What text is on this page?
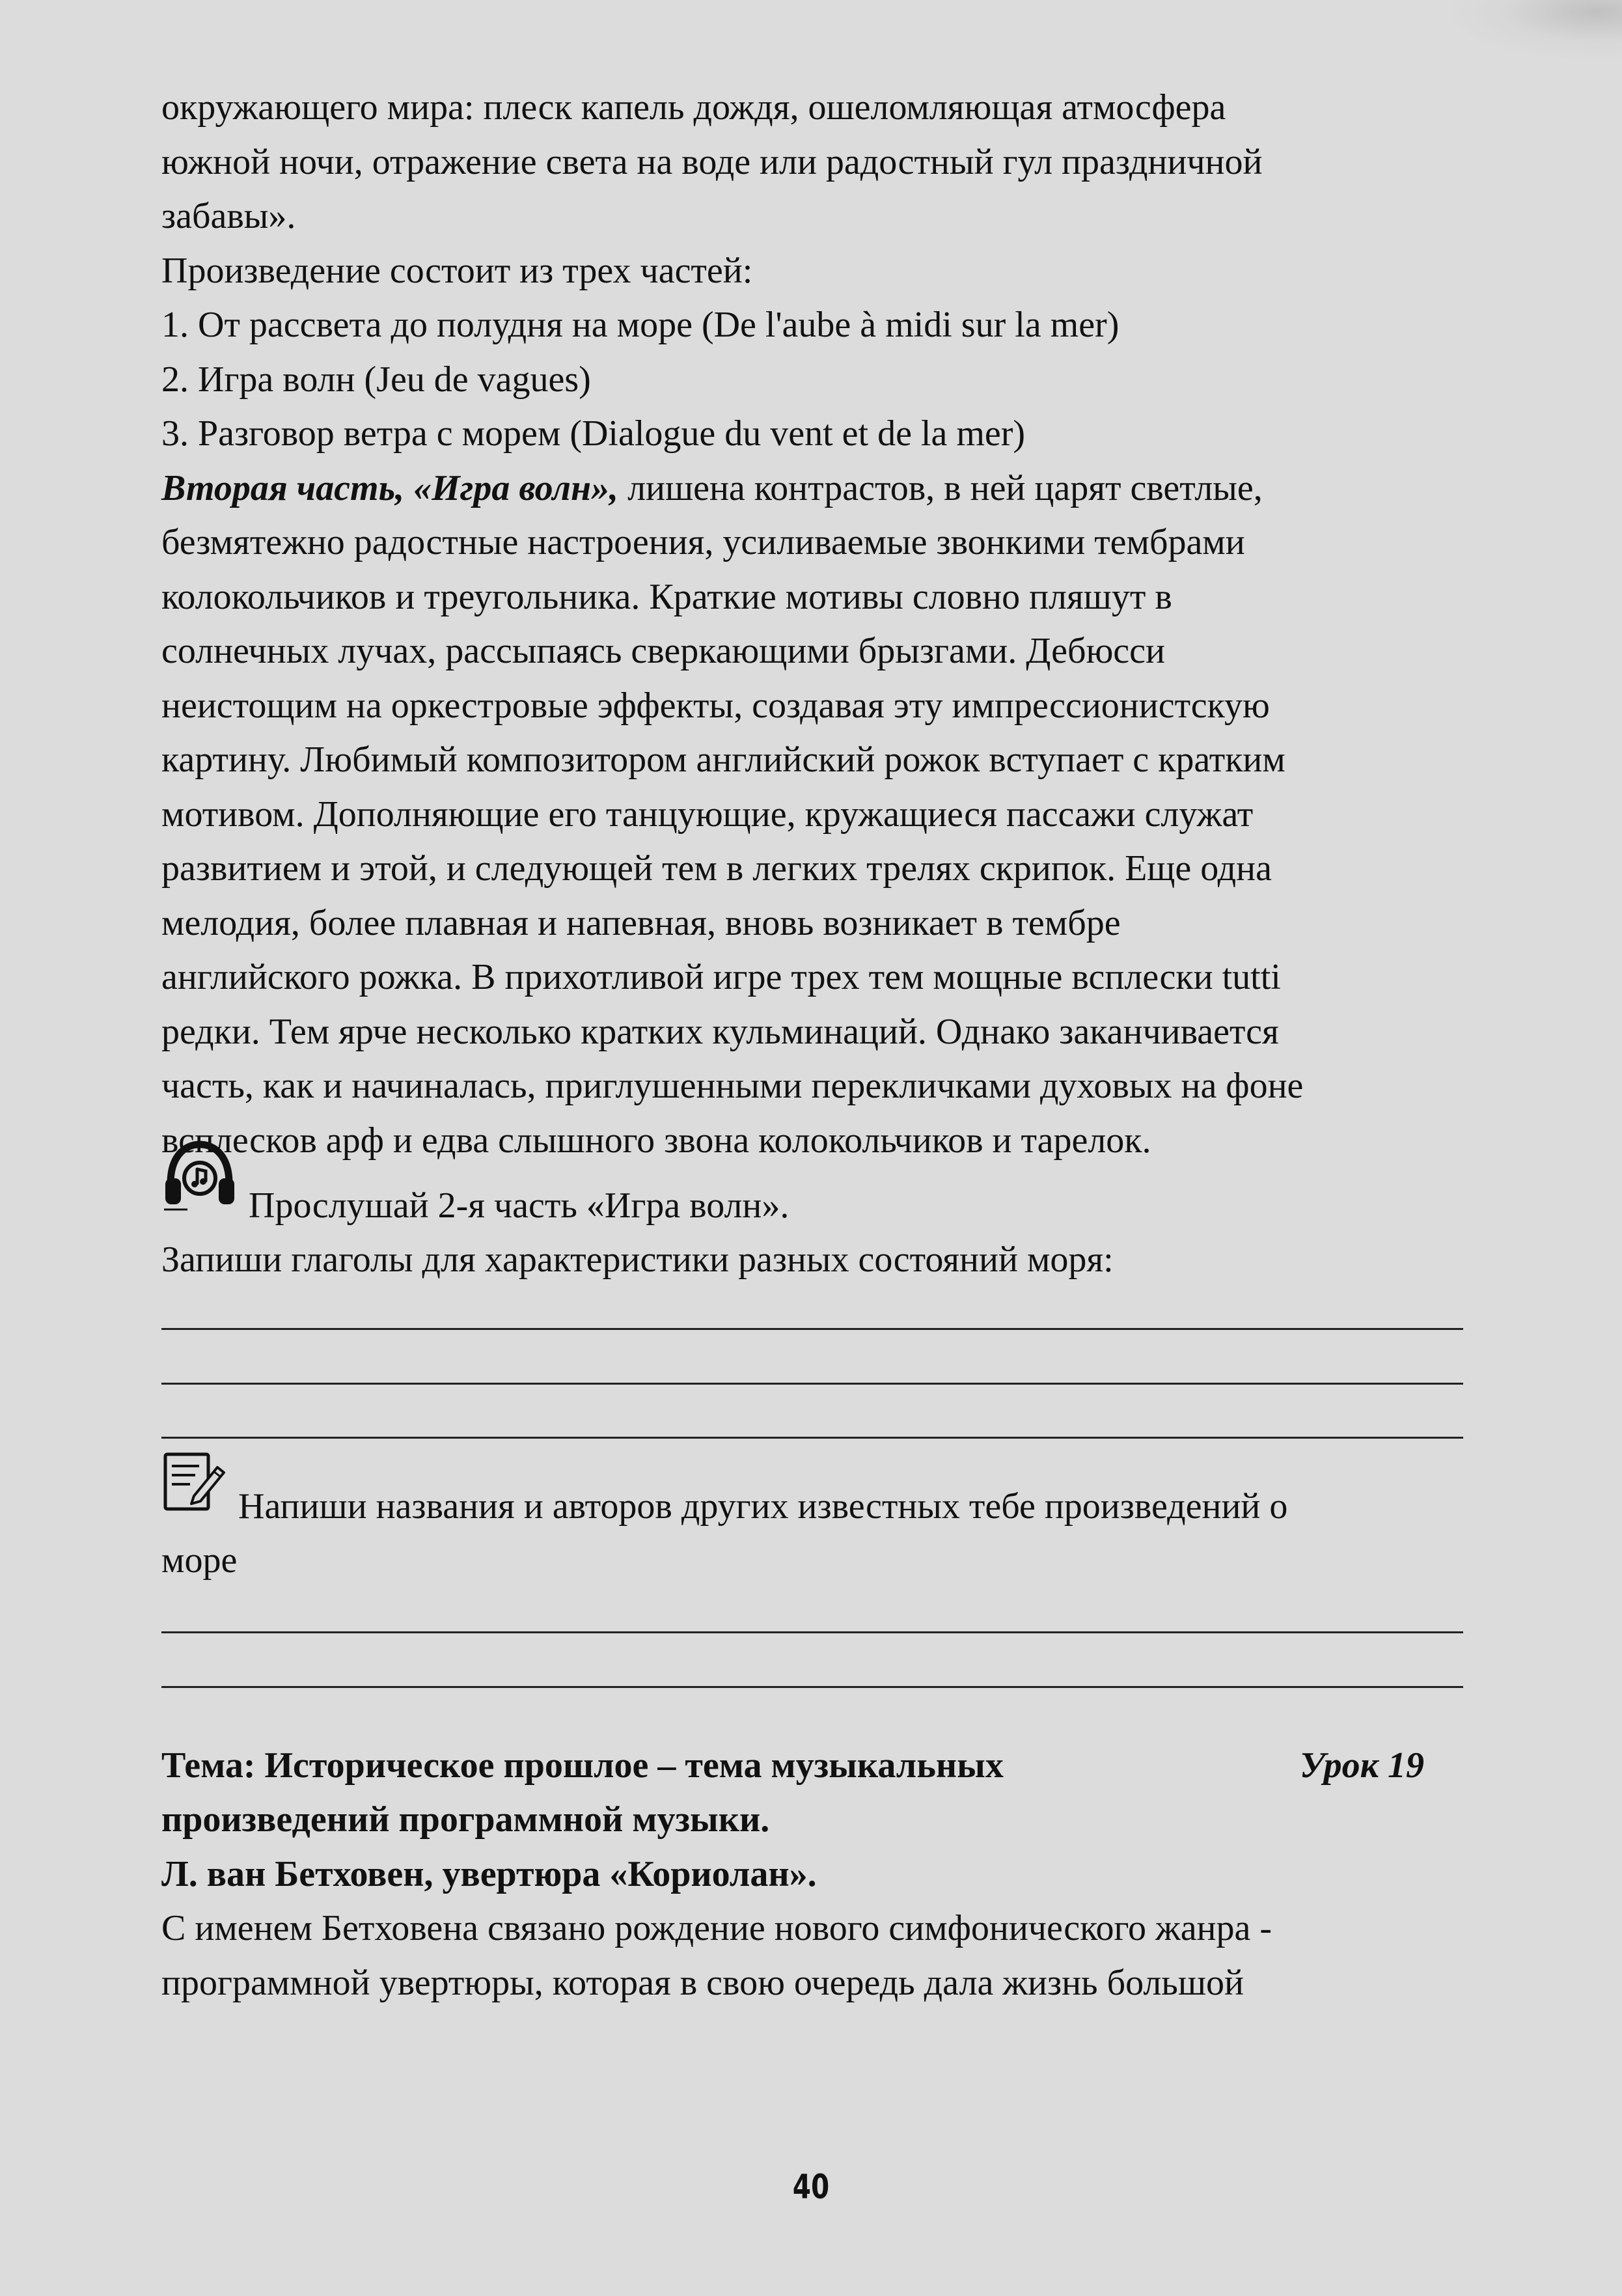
окружающего мира: плеск капель дождя, ошеломляющая атмосфера
южной ночи, отражение света на воде или радостный гул праздничной
забавы».
Произведение состоит из трех частей:
1. От рассвета до полудня на море (De l'aube à midi sur la mer)
2. Игра волн (Jeu de vagues)
3. Разговор ветра с морем (Dialogue du vent et de la mer)
Вторая часть, «Игра волн», лишена контрастов, в ней царят светлые,
безмятежно радостные настроения, усиливаемые звонкими тембрами
колокольчиков и треугольника. Краткие мотивы словно пляшут в
солнечных лучах, рассыпаясь сверкающими брызгами. Дебюсси
неистощим на оркестровые эффекты, создавая эту импрессионистскую
картину. Любимый композитором английский рожок вступает с кратким
мотивом. Дополняющие его танцующие, кружащиеся пассажи служат
развитием и этой, и следующей тем в легких трелях скрипок. Еще одна
мелодия, более плавная и напевная, вновь возникает в тембре
английского рожка. В прихотливой игре трех тем мощные всплески tutti
редки. Тем ярче несколько кратких кульминаций. Однако заканчивается
часть, как и начиналась, приглушенными перекличками духовых на фоне
всплесков арф и едва слышного звона колокольчиков и тарелок.
Прослушай 2-я часть «Игра волн».
Запиши глаголы для характеристики разных состояний моря:
Напиши названия и авторов других известных тебе произведений о
море
Тема: Историческое прошлое – тема музыкальных	Урок 19
произведений программной музыки.
Л. ван Бетховен, увертюра «Кориолан».
С именем Бетховена связано рождение нового симфонического жанра -
программной увертюры, которая в свою очередь дала жизнь большой
40
